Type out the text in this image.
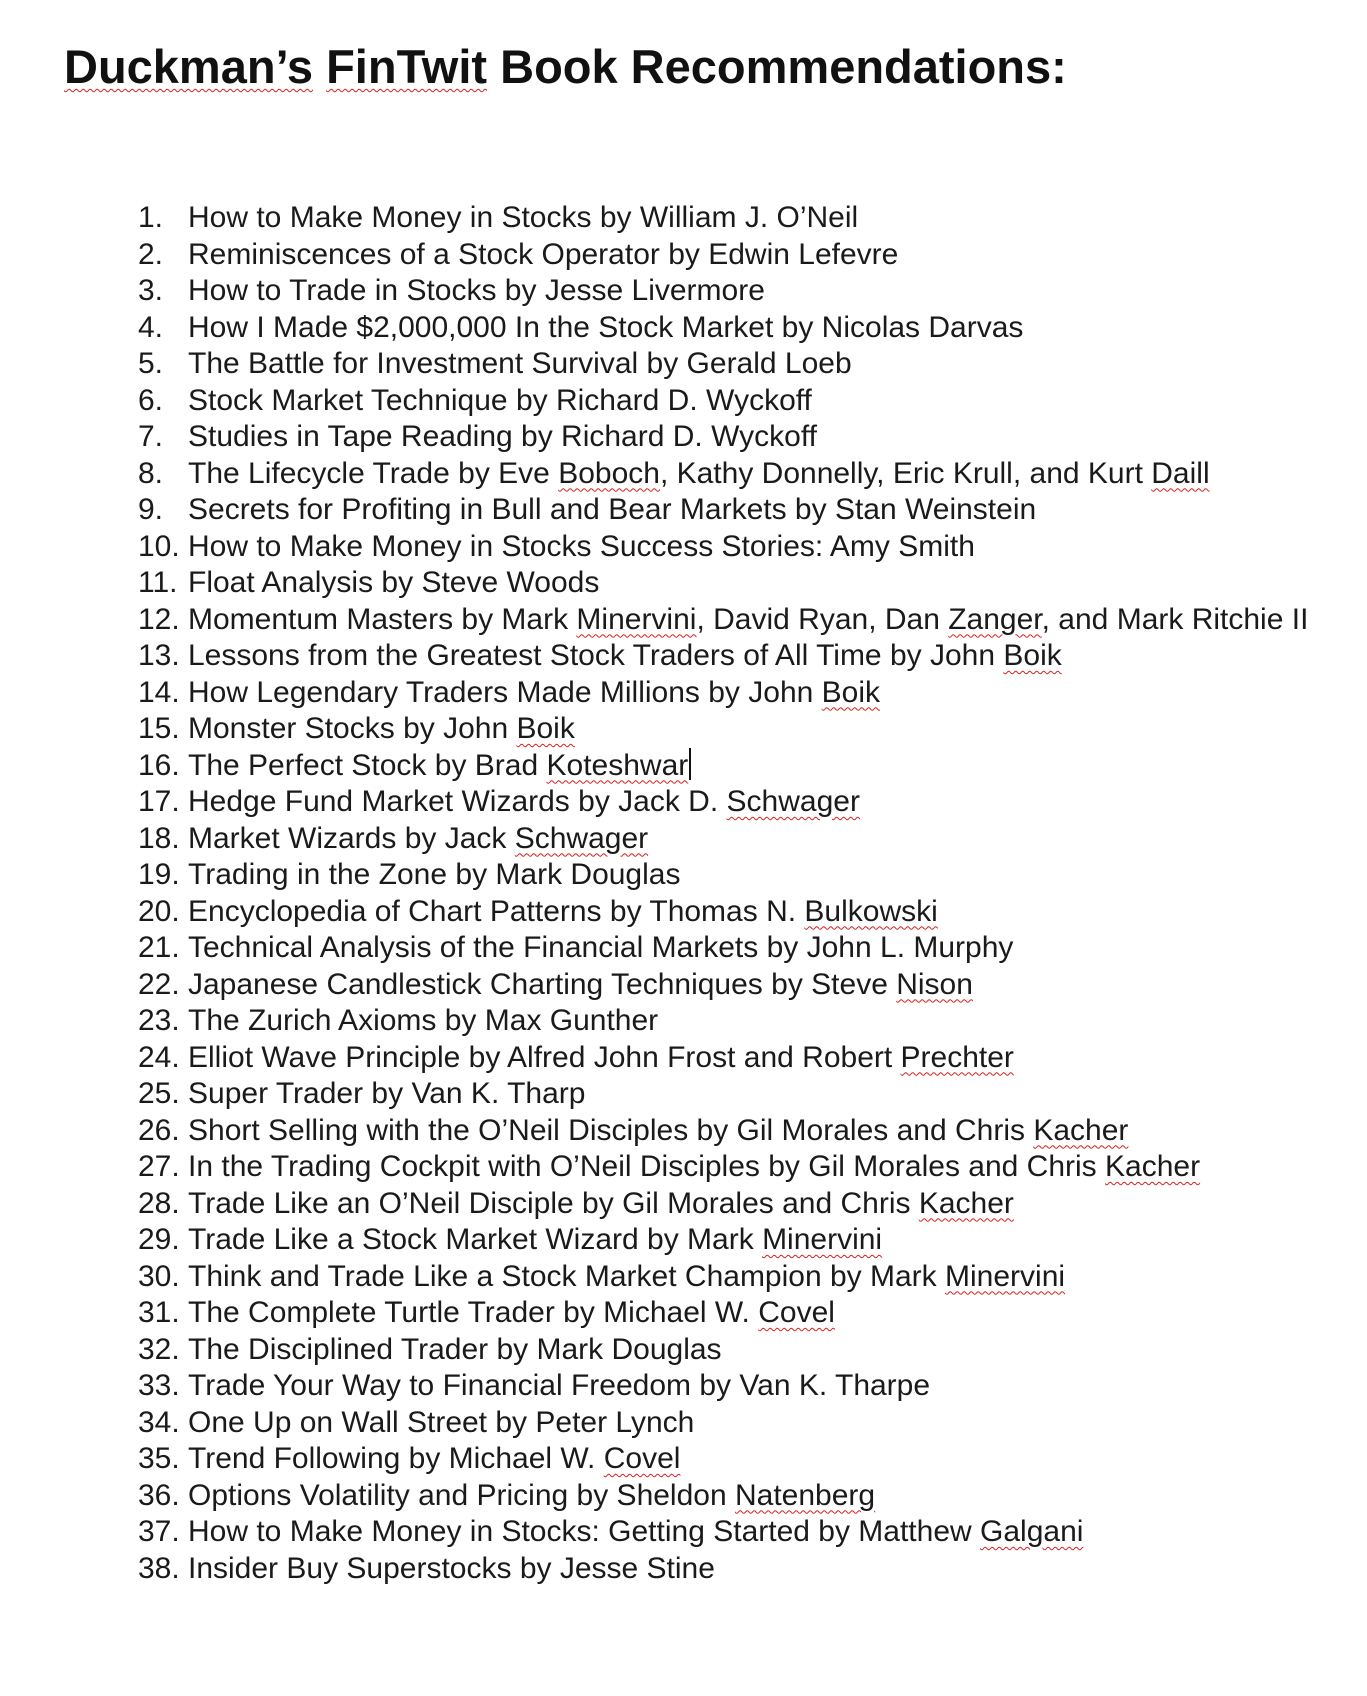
Duckman’s FinTwit Book Recommendations:
1. How to Make Money in Stocks by William J. O’Neil
2. Reminiscences of a Stock Operator by Edwin Lefevre
3. How to Trade in Stocks by Jesse Livermore
4. How I Made $2,000,000 In the Stock Market by Nicolas Darvas
5. The Battle for Investment Survival by Gerald Loeb
6. Stock Market Technique by Richard D. Wyckoff
7. Studies in Tape Reading by Richard D. Wyckoff
8. The Lifecycle Trade by Eve Boboch, Kathy Donnelly, Eric Krull, and Kurt Daill
9. Secrets for Profiting in Bull and Bear Markets by Stan Weinstein
10. How to Make Money in Stocks Success Stories: Amy Smith
11. Float Analysis by Steve Woods
12. Momentum Masters by Mark Minervini, David Ryan, Dan Zanger, and Mark Ritchie II
13. Lessons from the Greatest Stock Traders of All Time by John Boik
14. How Legendary Traders Made Millions by John Boik
15. Monster Stocks by John Boik
16. The Perfect Stock by Brad Koteshwar
17. Hedge Fund Market Wizards by Jack D. Schwager
18. Market Wizards by Jack Schwager
19. Trading in the Zone by Mark Douglas
20. Encyclopedia of Chart Patterns by Thomas N. Bulkowski
21. Technical Analysis of the Financial Markets by John L. Murphy
22. Japanese Candlestick Charting Techniques by Steve Nison
23. The Zurich Axioms by Max Gunther
24. Elliot Wave Principle by Alfred John Frost and Robert Prechter
25. Super Trader by Van K. Tharp
26. Short Selling with the O’Neil Disciples by Gil Morales and Chris Kacher
27. In the Trading Cockpit with O’Neil Disciples by Gil Morales and Chris Kacher
28. Trade Like an O’Neil Disciple by Gil Morales and Chris Kacher
29. Trade Like a Stock Market Wizard by Mark Minervini
30. Think and Trade Like a Stock Market Champion by Mark Minervini
31. The Complete Turtle Trader by Michael W. Covel
32. The Disciplined Trader by Mark Douglas
33. Trade Your Way to Financial Freedom by Van K. Tharpe
34. One Up on Wall Street by Peter Lynch
35. Trend Following by Michael W. Covel
36. Options Volatility and Pricing by Sheldon Natenberg
37. How to Make Money in Stocks: Getting Started by Matthew Galgani
38. Insider Buy Superstocks by Jesse Stine
